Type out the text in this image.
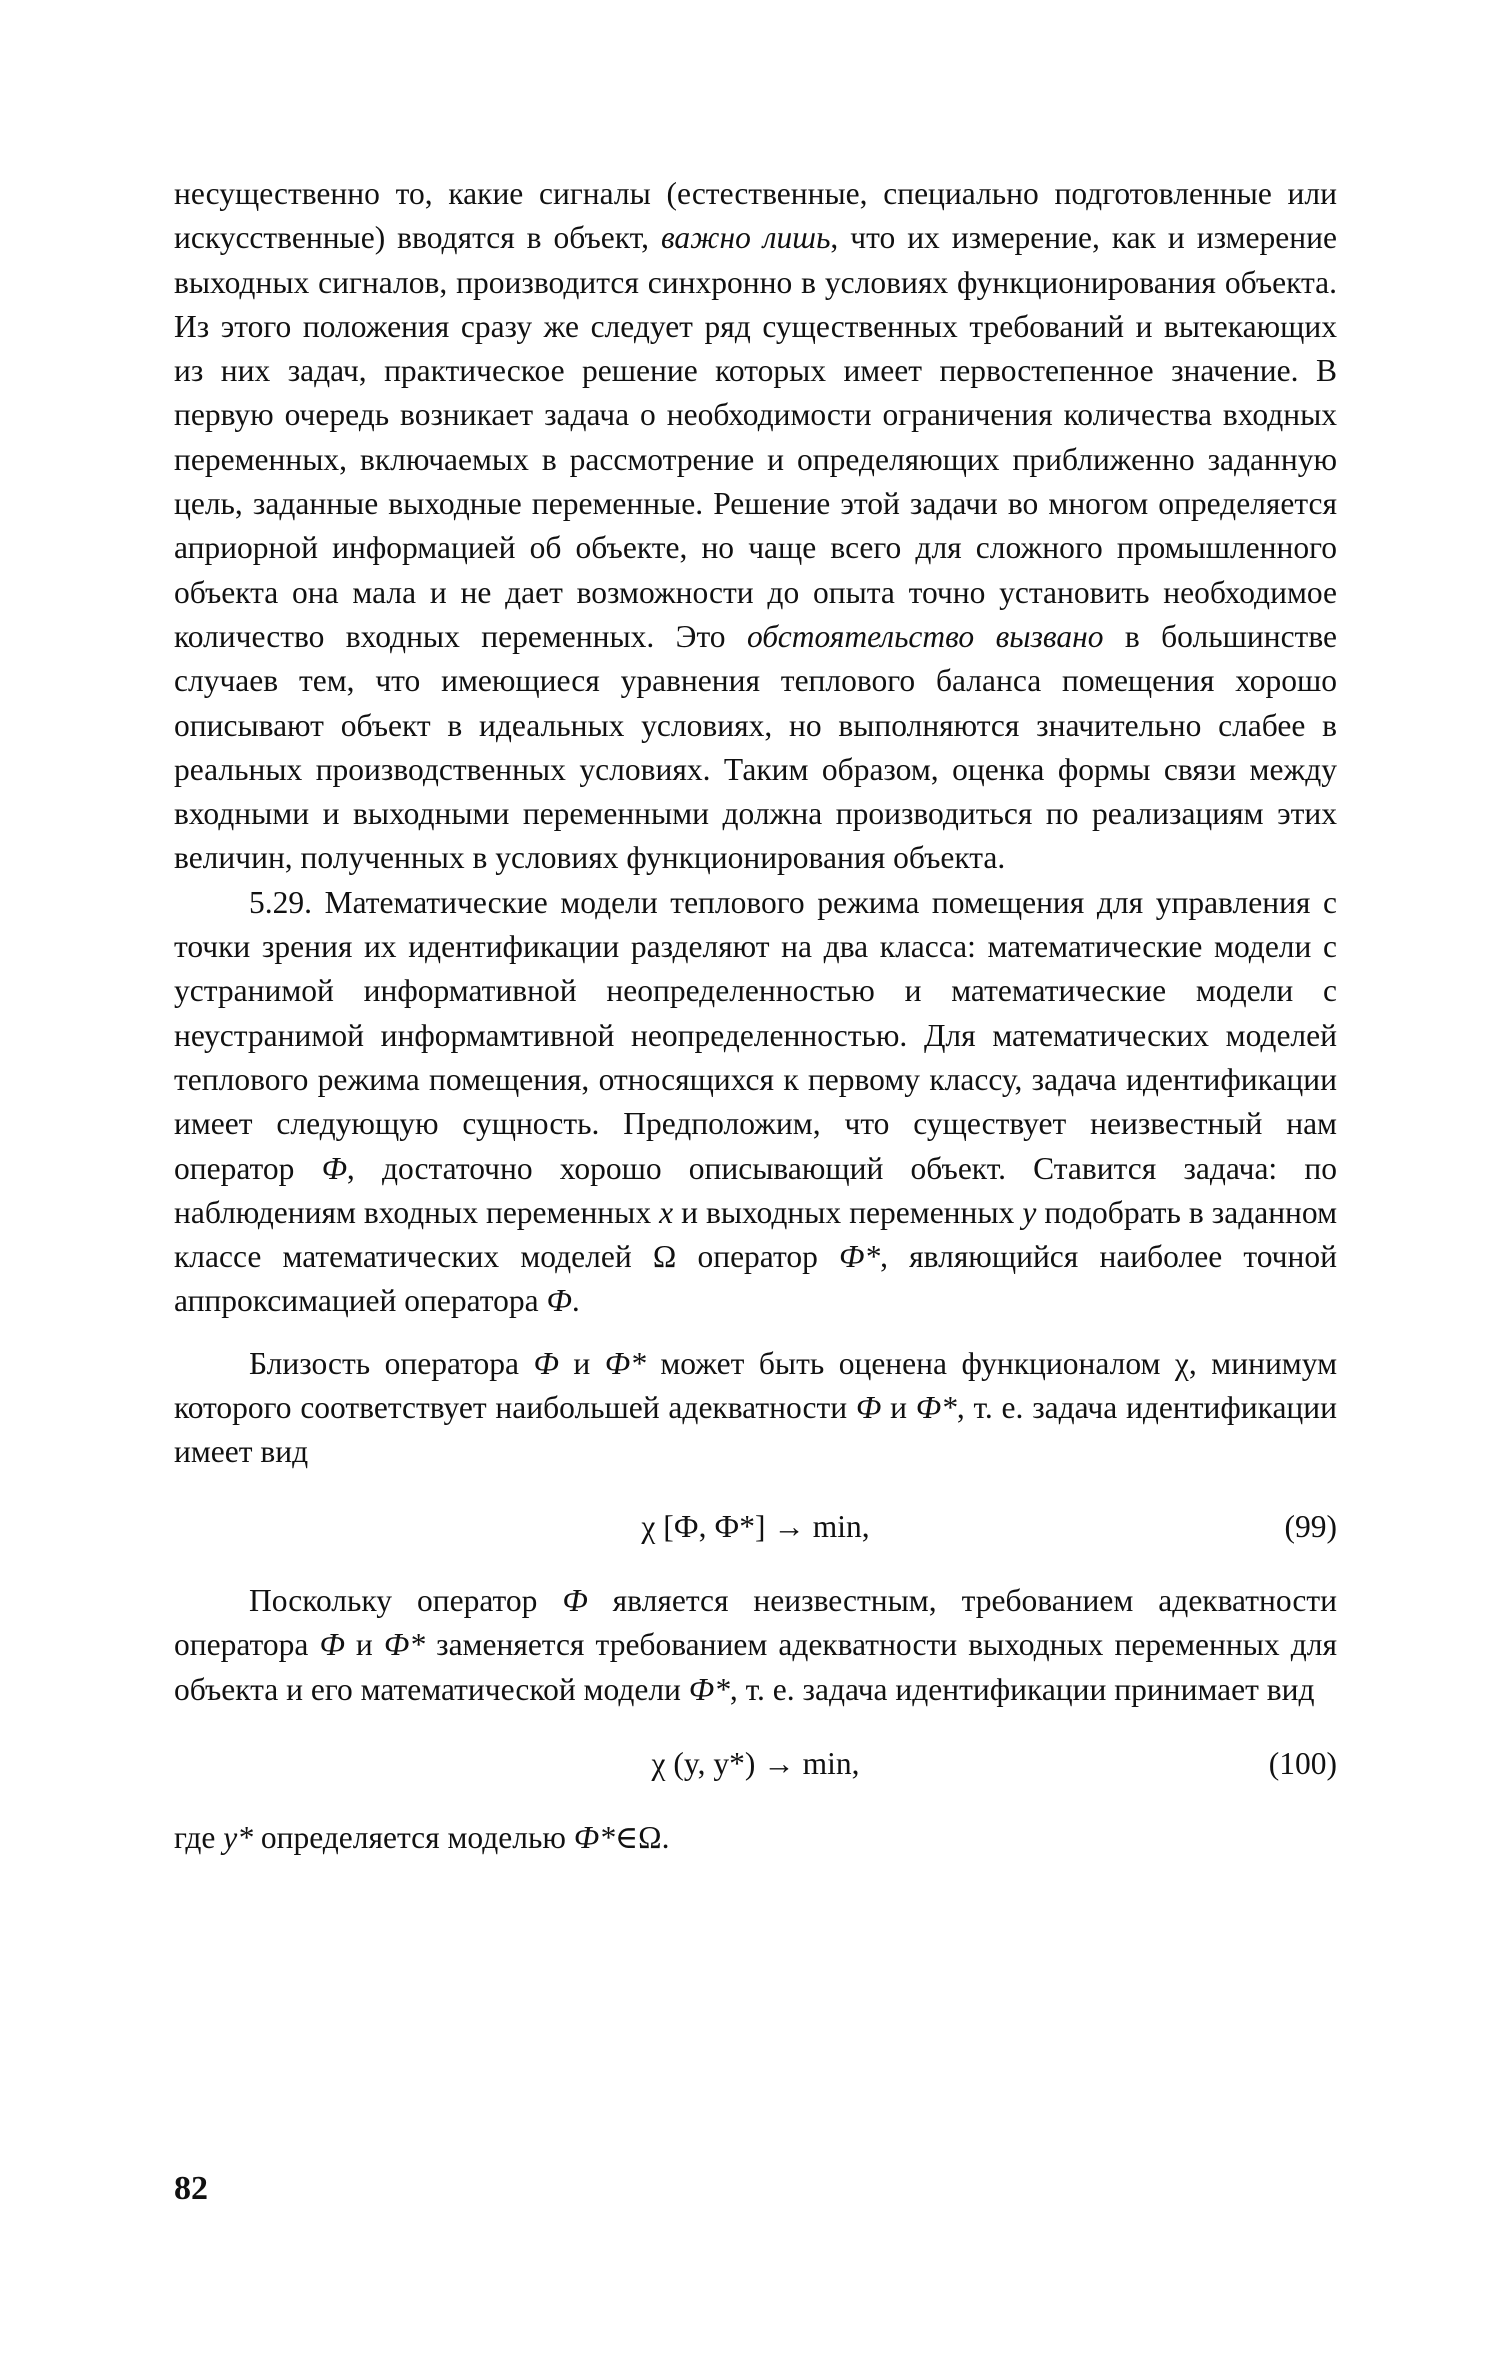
несущественно то, какие сигналы (естественные, специально подготовленные или искусственные) вводятся в объект, важно лишь, что их измерение, как и измерение выходных сигналов, производится синхронно в условиях функционирования объекта. Из этого положения сразу же следует ряд существенных требований и вытекающих из них задач, практическое решение которых имеет первостепенное значение. В первую очередь возникает задача о необходимости ограничения количества входных переменных, включаемых в рассмотрение и определяющих приближенно заданную цель, заданные выходные переменные. Решение этой задачи во многом определяется априорной информацией об объекте, но чаще всего для сложного промышленного объекта она мала и не дает возможности до опыта точно установить необходимое количество входных переменных. Это обстоятельство вызвано в большинстве случаев тем, что имеющиеся уравнения теплового баланса помещения хорошо описывают объект в идеальных условиях, но выполняются значительно слабее в реальных производственных условиях. Таким образом, оценка формы связи между входными и выходными переменными должна производиться по реализациям этих величин, полученных в условиях функционирования объекта.

5.29. Математические модели теплового режима помещения для управления с точки зрения их идентификации разделяют на два класса: математические модели с устранимой информативной неопределенностью и математические модели с неустранимой информамтивной неопределенностью. Для математических моделей теплового режима помещения, относящихся к первому классу, задача идентификации имеет следующую сущность. Предположим, что существует неизвестный нам оператор Ф, достаточно хорошо описывающий объект. Ставится задача: по наблюдениям входных переменных x и выходных переменных y подобрать в заданном классе математических моделей Ω оператор Ф*, являющийся наиболее точной аппроксимацией оператора Ф.

Близость оператора Ф и Ф* может быть оценена функционалом χ, минимум которого соответствует наибольшей адекватности Ф и Ф*, т. е. задача идентификации имеет вид

χ [Ф, Ф*] → min,	(99)

Поскольку оператор Ф является неизвестным, требованием адекватности оператора Ф и Ф* заменяется требованием адекватности выходных переменных для объекта и его математической модели Ф*, т. е. задача идентификации принимает вид

χ (y, y*) → min,	(100)

где y* определяется моделью Ф*∈Ω.

82
